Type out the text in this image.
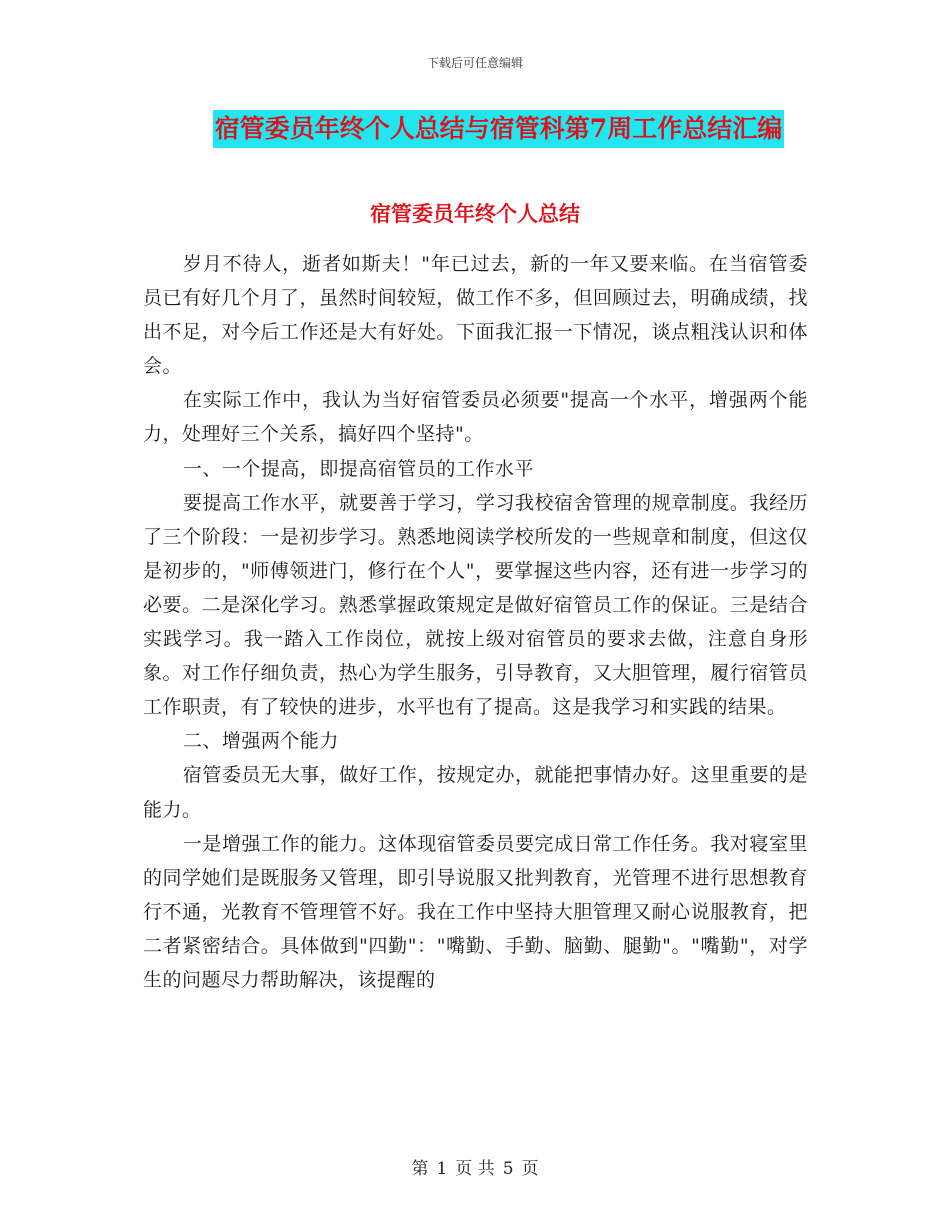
下载后可任意编辑
宿管委员年终个人总结与宿管科第7周工作总结汇编
宿管委员年终个人总结

岁月不待人，逝者如斯夫！"年已过去，新的一年又要来临。在当宿管委员已有好几个月了，虽然时间较短，做工作不多，但回顾过去，明确成绩，找出不足，对今后工作还是大有好处。下面我汇报一下情况，谈点粗浅认识和体会。

在实际工作中，我认为当好宿管委员必须要"提高一个水平，增强两个能力，处理好三个关系，搞好四个坚持"。

一、一个提高，即提高宿管员的工作水平

要提高工作水平，就要善于学习，学习我校宿舍管理的规章制度。我经历了三个阶段：一是初步学习。熟悉地阅读学校所发的一些规章和制度，但这仅是初步的，"师傅领进门，修行在个人"，要掌握这些内容，还有进一步学习的必要。二是深化学习。熟悉掌握政策规定是做好宿管员工作的保证。三是结合实践学习。我一踏入工作岗位，就按上级对宿管员的要求去做，注意自身形象。对工作仔细负责，热心为学生服务，引导教育，又大胆管理，履行宿管员工作职责，有了较快的进步，水平也有了提高。这是我学习和实践的结果。

二、增强两个能力

宿管委员无大事，做好工作，按规定办，就能把事情办好。这里重要的是能力。

一是增强工作的能力。这体现宿管委员要完成日常工作任务。我对寝室里的同学她们是既服务又管理，即引导说服又批判教育，光管理不进行思想教育行不通，光教育不管理管不好。我在工作中坚持大胆管理又耐心说服教育，把二者紧密结合。具体做到"四勤"："嘴勤、手勤、脑勤、腿勤"。"嘴勤"，对学生的问题尽力帮助解决，该提醒的

第 1 页 共 5 页
